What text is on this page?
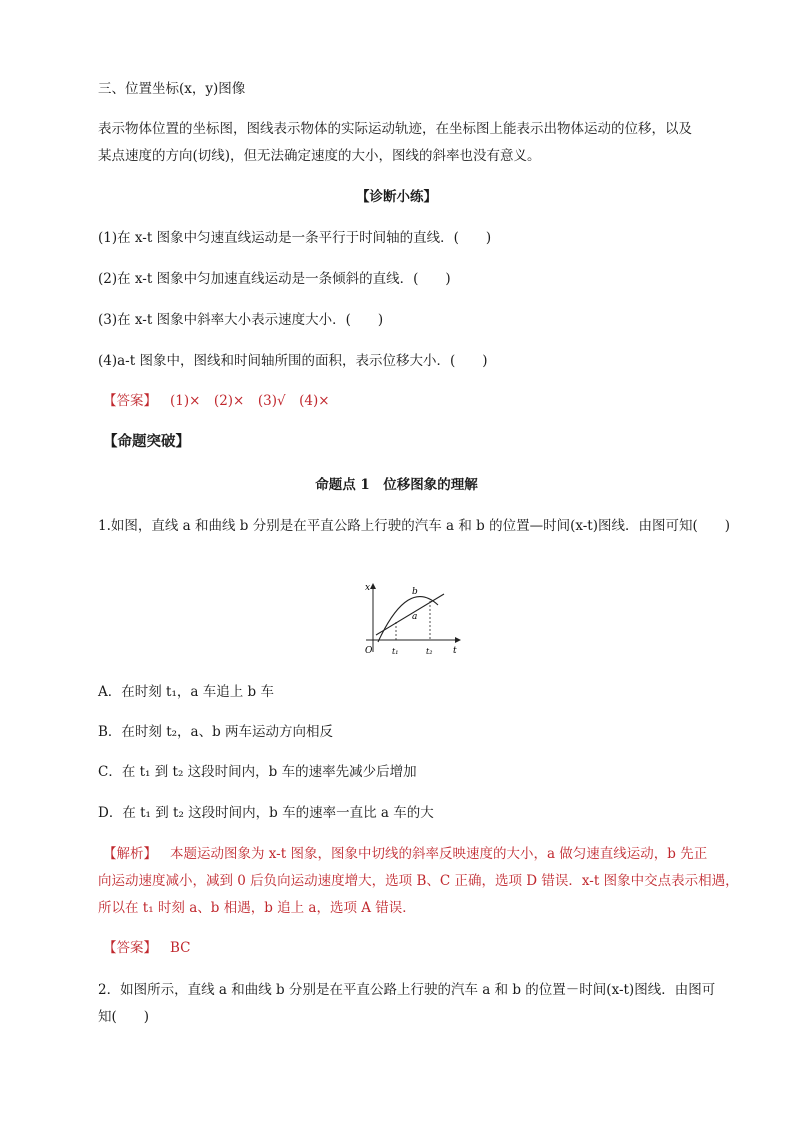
三、位置坐标(x，y)图像
表示物体位置的坐标图，图线表示物体的实际运动轨迹，在坐标图上能表示出物体运动的位移，以及
某点速度的方向(切线)，但无法确定速度的大小，图线的斜率也没有意义。
【诊断小练】
(1)在 x-t 图象中匀速直线运动是一条平行于时间轴的直线．(　　)
(2)在 x-t 图象中匀加速直线运动是一条倾斜的直线．(　　)
(3)在 x-t 图象中斜率大小表示速度大小．(　　)
(4)a-t 图象中，图线和时间轴所围的面积，表示位移大小．(　　)
【答案】 (1)×　(2)×　(3)√　(4)×
【命题突破】
命题点 1　位移图象的理解
1.如图，直线 a 和曲线 b 分别是在平直公路上行驶的汽车 a 和 b 的位置—时间(x-t)图线．由图可知(　　)
x
t
O t₁	t₂
b
a
A．在时刻 t₁，a 车追上 b 车
B．在时刻 t₂，a、b 两车运动方向相反
C．在 t₁ 到 t₂ 这段时间内，b 车的速率先减少后增加
D．在 t₁ 到 t₂ 这段时间内，b 车的速率一直比 a 车的大
【解析】 本题运动图象为 x-t 图象，图象中切线的斜率反映速度的大小，a 做匀速直线运动，b 先正
向运动速度减小，减到 0 后负向运动速度增大，选项 B、C 正确，选项 D 错误．x-t 图象中交点表示相遇，
所以在 t₁ 时刻 a、b 相遇，b 追上 a，选项 A 错误．
【答案】 BC
2．如图所示，直线 a 和曲线 b 分别是在平直公路上行驶的汽车 a 和 b 的位置－时间(x-t)图线．由图可
知(　　)
